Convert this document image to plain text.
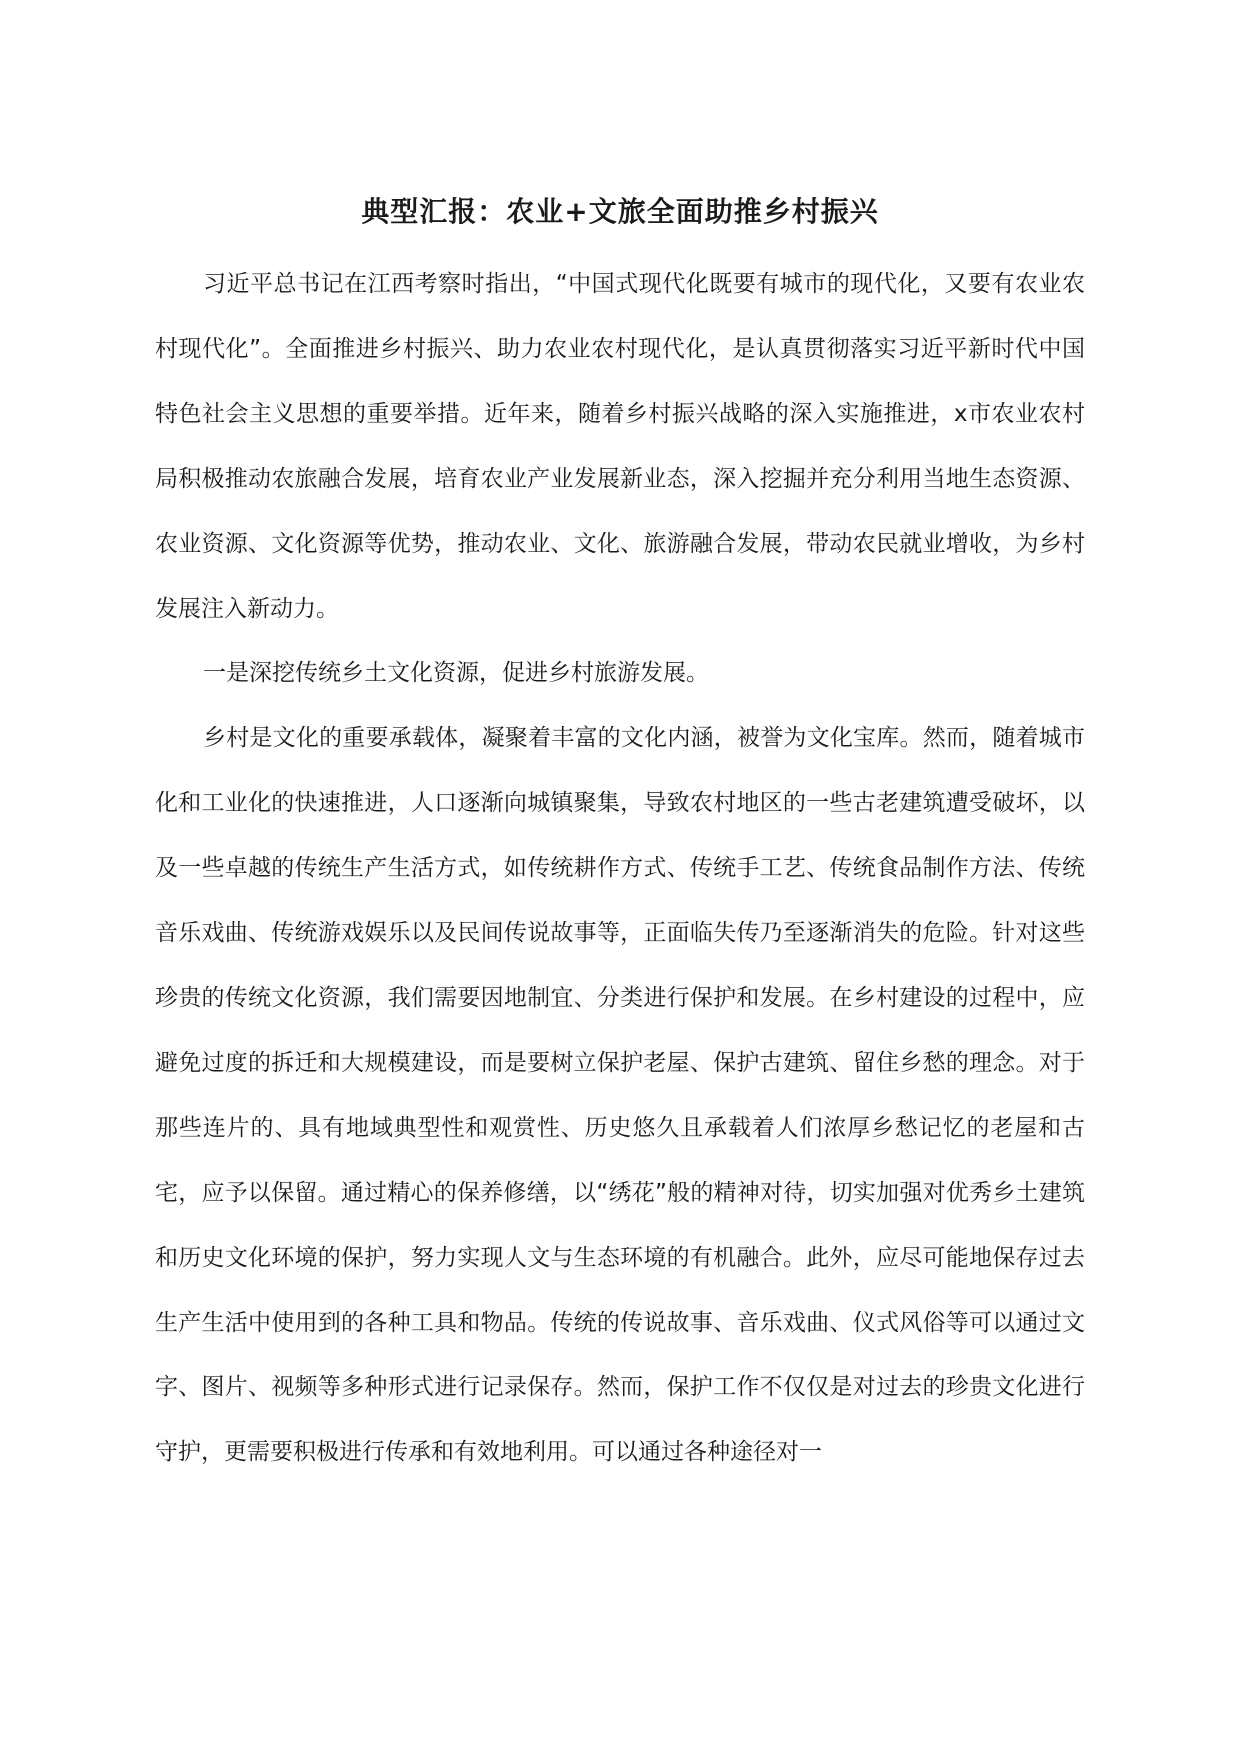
典型汇报：农业+文旅全面助推乡村振兴

习近平总书记在江西考察时指出，“中国式现代化既要有城市的现代化，又要有农业农村现代化”。全面推进乡村振兴、助力农业农村现代化，是认真贯彻落实习近平新时代中国特色社会主义思想的重要举措。近年来，随着乡村振兴战略的深入实施推进，x市农业农村局积极推动农旅融合发展，培育农业产业发展新业态，深入挖掘并充分利用当地生态资源、农业资源、文化资源等优势，推动农业、文化、旅游融合发展，带动农民就业增收，为乡村发展注入新动力。

一是深挖传统乡土文化资源，促进乡村旅游发展。

乡村是文化的重要承载体，凝聚着丰富的文化内涵，被誉为文化宝库。然而，随着城市化和工业化的快速推进，人口逐渐向城镇聚集，导致农村地区的一些古老建筑遭受破坏，以及一些卓越的传统生产生活方式，如传统耕作方式、传统手工艺、传统食品制作方法、传统音乐戏曲、传统游戏娱乐以及民间传说故事等，正面临失传乃至逐渐消失的危险。针对这些珍贵的传统文化资源，我们需要因地制宜、分类进行保护和发展。在乡村建设的过程中，应避免过度的拆迁和大规模建设，而是要树立保护老屋、保护古建筑、留住乡愁的理念。对于那些连片的、具有地域典型性和观赏性、历史悠久且承载着人们浓厚乡愁记忆的老屋和古宅，应予以保留。通过精心的保养修缮，以“绣花”般的精神对待，切实加强对优秀乡土建筑和历史文化环境的保护，努力实现人文与生态环境的有机融合。此外，应尽可能地保存过去生产生活中使用到的各种工具和物品。传统的传说故事、音乐戏曲、仪式风俗等可以通过文字、图片、视频等多种形式进行记录保存。然而，保护工作不仅仅是对过去的珍贵文化进行守护，更需要积极进行传承和有效地利用。可以通过各种途径对一
